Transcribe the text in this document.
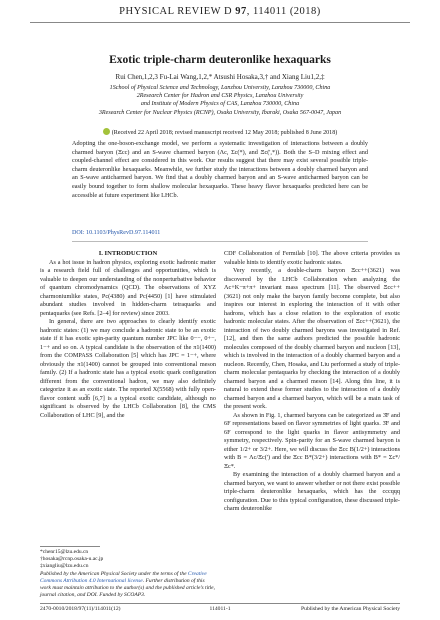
PHYSICAL REVIEW D 97, 114011 (2018)
Exotic triple-charm deuteronlike hexaquarks
Rui Chen,1,2,3 Fu-Lai Wang,1,2,* Atsushi Hosaka,3,† and Xiang Liu1,2,‡
1School of Physical Science and Technology, Lanzhou University, Lanzhou 730000, China
2Research Center for Hadron and CSR Physics, Lanzhou University
and Institute of Modern Physics of CAS, Lanzhou 730000, China
3Research Center for Nuclear Physics (RCNP), Osaka University, Ibaraki, Osaka 567-0047, Japan
(Received 22 April 2018; revised manuscript received 12 May 2018; published 8 June 2018)
Adopting the one-boson-exchange model, we perform a systematic investigation of interactions between a doubly charmed baryon (Ξcc) and an S-wave charmed baryon (Λc, Σc(*), and Ξc(',*)). Both the S–D mixing effect and coupled-channel effect are considered in this work. Our results suggest that there may exist several possible triple-charm deuteronlike hexaquarks. Meanwhile, we further study the interactions between a doubly charmed baryon and an S-wave anticharmed baryon. We find that a doubly charmed baryon and an S-wave anticharmed baryon can be easily bound together to form shallow molecular hexaquarks. These heavy flavor hexaquarks predicted here can be accessible at future experiment like LHCb.
DOI: 10.1103/PhysRevD.97.114011

I. INTRODUCTION

As a hot issue in hadron physics, exploring exotic hadronic matter is a research field full of challenges and opportunities, which is valuable to deepen our understanding of the nonperturbative behavior of quantum chromodynamics (QCD). The observations of XYZ charmoniumlike states, Pc(4380) and Pc(4450) [1] have stimulated abundant studies involved in hidden-charm tetraquarks and pentaquarks (see Refs. [2–4] for review) since 2003.

In general, there are two approaches to clearly identify exotic hadronic states: (1) we may conclude a hadronic state to be an exotic state if it has exotic spin-parity quantum number JPC like 0−−, 0+−, 1−+ and so on. A typical candidate is the observation of the π1(1400) from the COMPASS Collaboration [5] which has JPC = 1−+, where obviously the π1(1400) cannot be grouped into conventional meson family. (2) If a hadronic state has a typical exotic quark configuration different from the conventional hadron, we may also definitely categorize it as an exotic state. The reported X(5568) with fully open-flavor content sud̄b̄ [6,7] is a typical exotic candidate, although no significant is observed by the LHCb Collaboration [8], the CMS Collaboration of LHC [9], and the

CDF Collaboration of Fermilab [10]. The above criteria provides us valuable hints to identify exotic hadronic states.

Very recently, a double-charm baryon Ξcc++(3621) was discovered by the LHCb Collaboration when analyzing the Λc+K−π+π+ invariant mass spectrum [11]. The observed Ξcc++(3621) not only make the baryon family become complete, but also inspires our interest in exploring the interaction of it with other hadrons, which has a close relation to the exploration of exotic hadronic molecular states. After the observation of Ξcc++(3621), the interaction of two doubly charmed baryons was investigated in Ref. [12], and then the same authors predicted the possible hadronic molecules composed of the doubly charmed baryon and nucleon [13], which is involved in the interaction of a doubly charmed baryon and a nucleon. Recently, Chen, Hosaka, and Liu performed a study of triple-charm molecular pentaquarks by checking the interaction of a doubly charmed baryon and a charmed meson [14]. Along this line, it is natural to extend these former studies to the interaction of a doubly charmed baryon and a charmed baryon, which will be a main task of the present work.

As shown in Fig. 1, charmed baryons can be categorized as 3̄F and 6F representations based on flavor symmetries of light quarks. 3̄F and 6F correspond to the light quarks in flavor antisymmetry and symmetry, respectively. Spin-parity for an S-wave charmed baryon is either 1/2+ or 3/2+. Here, we will discuss the Ξcc B(1/2+) interactions with B = Λc/Ξc(') and the Ξcc B*(3/2+) interactions with B* = Σc*/Ξc*.

By examining the interaction of a doubly charmed baryon and a charmed baryon, we want to answer whether or not there exist possible triple-charm deuteronlike hexaquarks, which has the cccqqq configuration. Due to this typical configuration, these discussed triple-charm deuteronlike

*chenr15@lzu.edu.cn
†hosaka@rcnp.osaka-u.ac.jp
‡xiangliu@lzu.edu.cn
Published by the American Physical Society under the terms of the Creative Commons Attribution 4.0 International license. Further distribution of this work must maintain attribution to the author(s) and the published article’s title, journal citation, and DOI. Funded by SCOAP3.
2470-0010/2018/97(11)/114011(12)	114011-1	Published by the American Physical Society
